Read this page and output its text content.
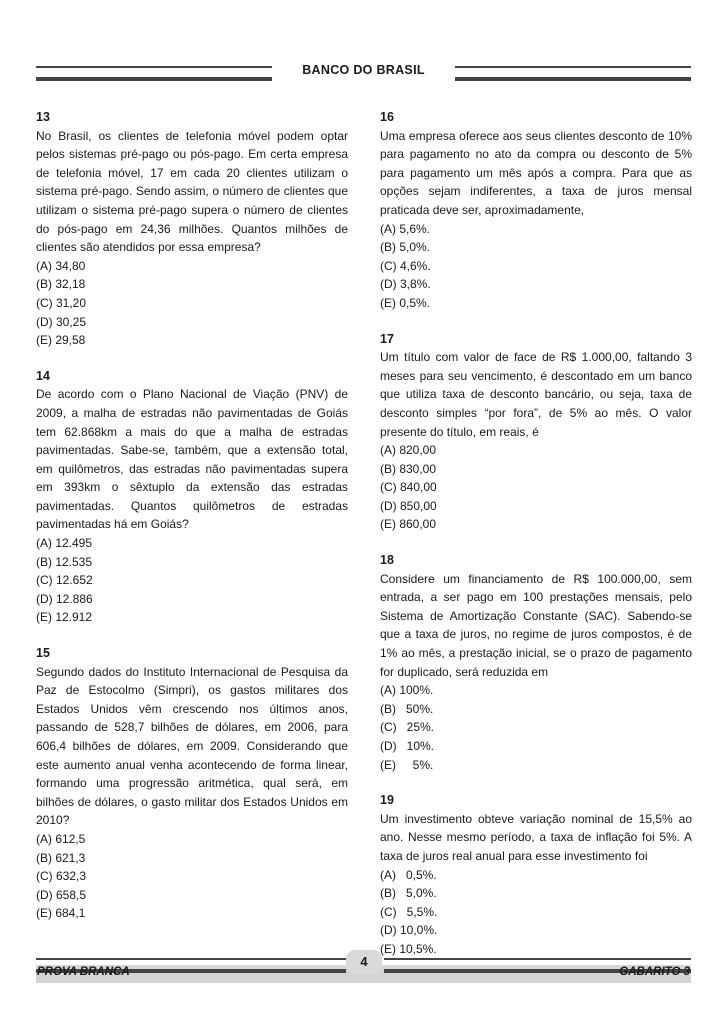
BANCO DO BRASIL
13
No Brasil, os clientes de telefonia móvel podem optar pelos sistemas pré-pago ou pós-pago. Em certa empresa de telefonia móvel, 17 em cada 20 clientes utilizam o sistema pré-pago. Sendo assim, o número de clientes que utilizam o sistema pré-pago supera o número de clientes do pós-pago em 24,36 milhões. Quantos milhões de clientes são atendidos por essa empresa?
(A) 34,80
(B) 32,18
(C) 31,20
(D) 30,25
(E) 29,58
14
De acordo com o Plano Nacional de Viação (PNV) de 2009, a malha de estradas não pavimentadas de Goiás tem 62.868km a mais do que a malha de estradas pavimentadas. Sabe-se, também, que a extensão total, em quilômetros, das estradas não pavimentadas supera em 393km o sêxtuplo da extensão das estradas pavimentadas. Quantos quilômetros de estradas pavimentadas há em Goiás?
(A) 12.495
(B) 12.535
(C) 12.652
(D) 12.886
(E) 12.912
15
Segundo dados do Instituto Internacional de Pesquisa da Paz de Estocolmo (Simpri), os gastos militares dos Estados Unidos vêm crescendo nos últimos anos, passando de 528,7 bilhões de dólares, em 2006, para 606,4 bilhões de dólares, em 2009. Considerando que este aumento anual venha acontecendo de forma linear, formando uma progressão aritmética, qual será, em bilhões de dólares, o gasto militar dos Estados Unidos em 2010?
(A) 612,5
(B) 621,3
(C) 632,3
(D) 658,5
(E) 684,1
16
Uma empresa oferece aos seus clientes desconto de 10% para pagamento no ato da compra ou desconto de 5% para pagamento um mês após a compra. Para que as opções sejam indiferentes, a taxa de juros mensal praticada deve ser, aproximadamente,
(A) 5,6%.
(B) 5,0%.
(C) 4,6%.
(D) 3,8%.
(E) 0,5%.
17
Um título com valor de face de R$ 1.000,00, faltando 3 meses para seu vencimento, é descontado em um banco que utiliza taxa de desconto bancário, ou seja, taxa de desconto simples “por fora”, de 5% ao mês. O valor presente do título, em reais, é
(A) 820,00
(B) 830,00
(C) 840,00
(D) 850,00
(E) 860,00
18
Considere um financiamento de R$ 100.000,00, sem entrada, a ser pago em 100 prestações mensais, pelo Sistema de Amortização Constante (SAC). Sabendo-se que a taxa de juros, no regime de juros compostos, é de 1% ao mês, a prestação inicial, se o prazo de pagamento for duplicado, será reduzida em
(A) 100%.
(B)   50%.
(C)   25%.
(D)   10%.
(E)     5%.
19
Um investimento obteve variação nominal de 15,5% ao ano. Nesse mesmo período, a taxa de inflação foi 5%. A taxa de juros real anual para esse investimento foi
(A)   0,5%.
(B)   5,0%.
(C)   5,5%.
(D) 10,0%.
(E) 10,5%.
4
PROVA BRANCA	GABARITO 3
